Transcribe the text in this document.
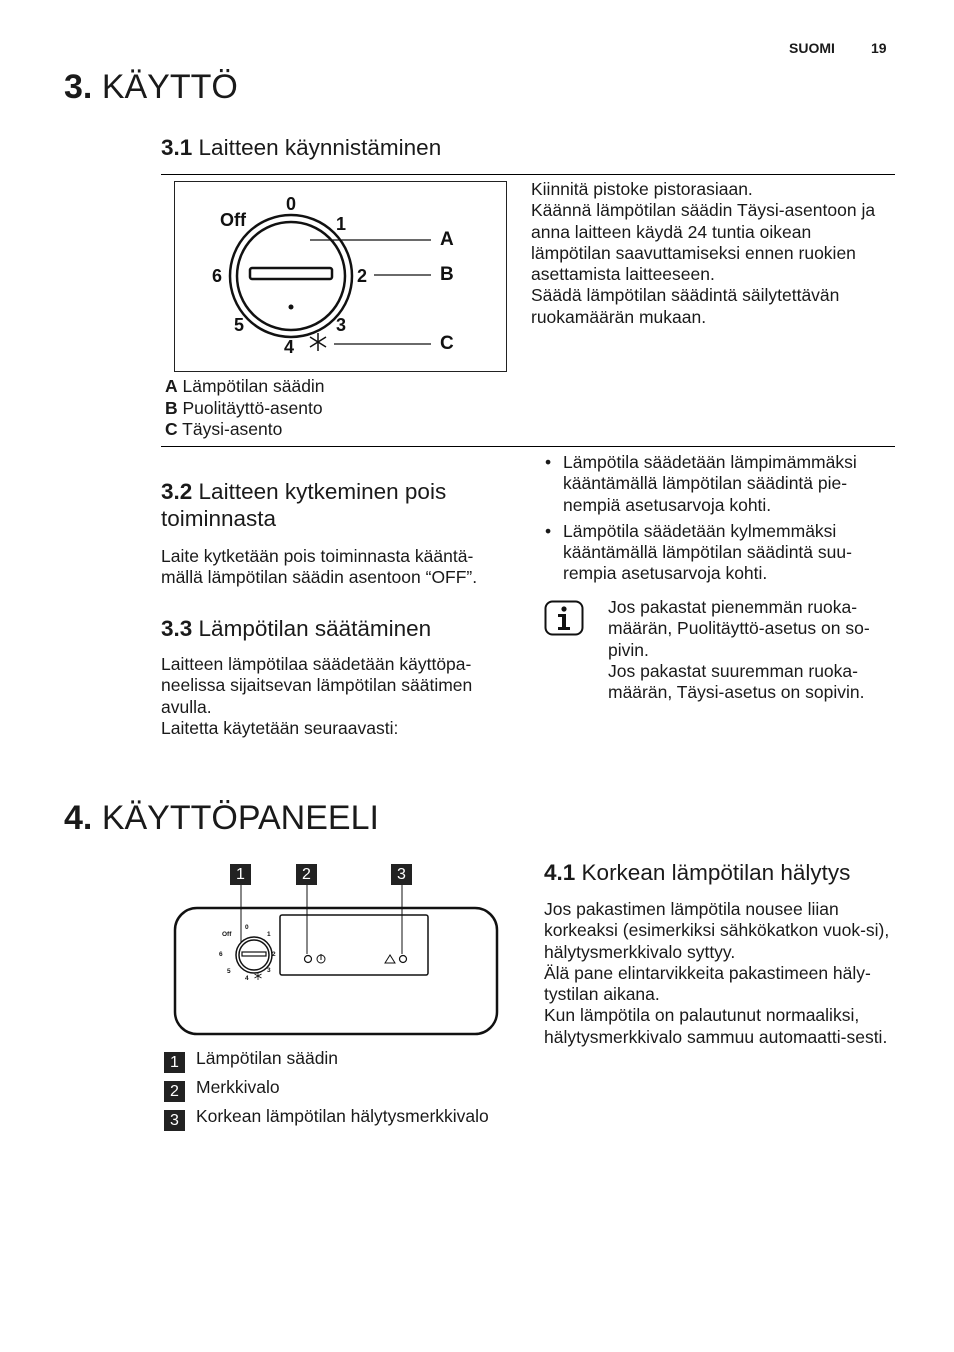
SUOMI	19
3. KÄYTTÖ
3.1 Laitteen käynnistäminen
Off
0
1
2
3
4
5
6
A
B
C
Kiinnitä pistoke pistorasiaan.
Käännä lämpötilan säädin Täysi-asentoon ja anna laitteen käydä 24 tuntia oikean lämpötilan saavuttamiseksi ennen ruokien asettamista laitteeseen.
Säädä lämpötilan säädintä säilytettävän ruokamäärän mukaan.
A Lämpötilan säädin
B Puolitäyttö-asento
C Täysi-asento
3.2 Laitteen kytkeminen pois toiminnasta
Laite kytketään pois toiminnasta kääntä-mällä lämpötilan säädin asentoon “OFF”.
3.3 Lämpötilan säätäminen
Laitteen lämpötilaa säädetään käyttöpa-neelissa sijaitsevan lämpötilan säätimen avulla.
Laitetta käytetään seuraavasti:
• Lämpötila säädetään lämpimämmäksi kääntämällä lämpötilan säädintä pie-nempiä asetusarvoja kohti.
• Lämpötila säädetään kylmemmäksi kääntämällä lämpötilan säädintä suu-rempia asetusarvoja kohti.
Jos pakastat pienemmän ruoka-määrän, Puolitäyttö-asetus on so-pivin.
Jos pakastat suuremman ruoka-määrän, Täysi-asetus on sopivin.
4. KÄYTTÖPANEELI
Off
0
1
2
3
4
5
6
1	2	3
1 Lämpötilan säädin
2 Merkkivalo
3 Korkean lämpötilan hälytysmerkkivalo
4.1 Korkean lämpötilan hälytys
Jos pakastimen lämpötila nousee liian korkeaksi (esimerkiksi sähkökatkon vuok-si), hälytysmerkkivalo syttyy.
Älä pane elintarvikkeita pakastimeen häly-tystilan aikana.
Kun lämpötila on palautunut normaaliksi, hälytysmerkkivalo sammuu automaatti-sesti.
